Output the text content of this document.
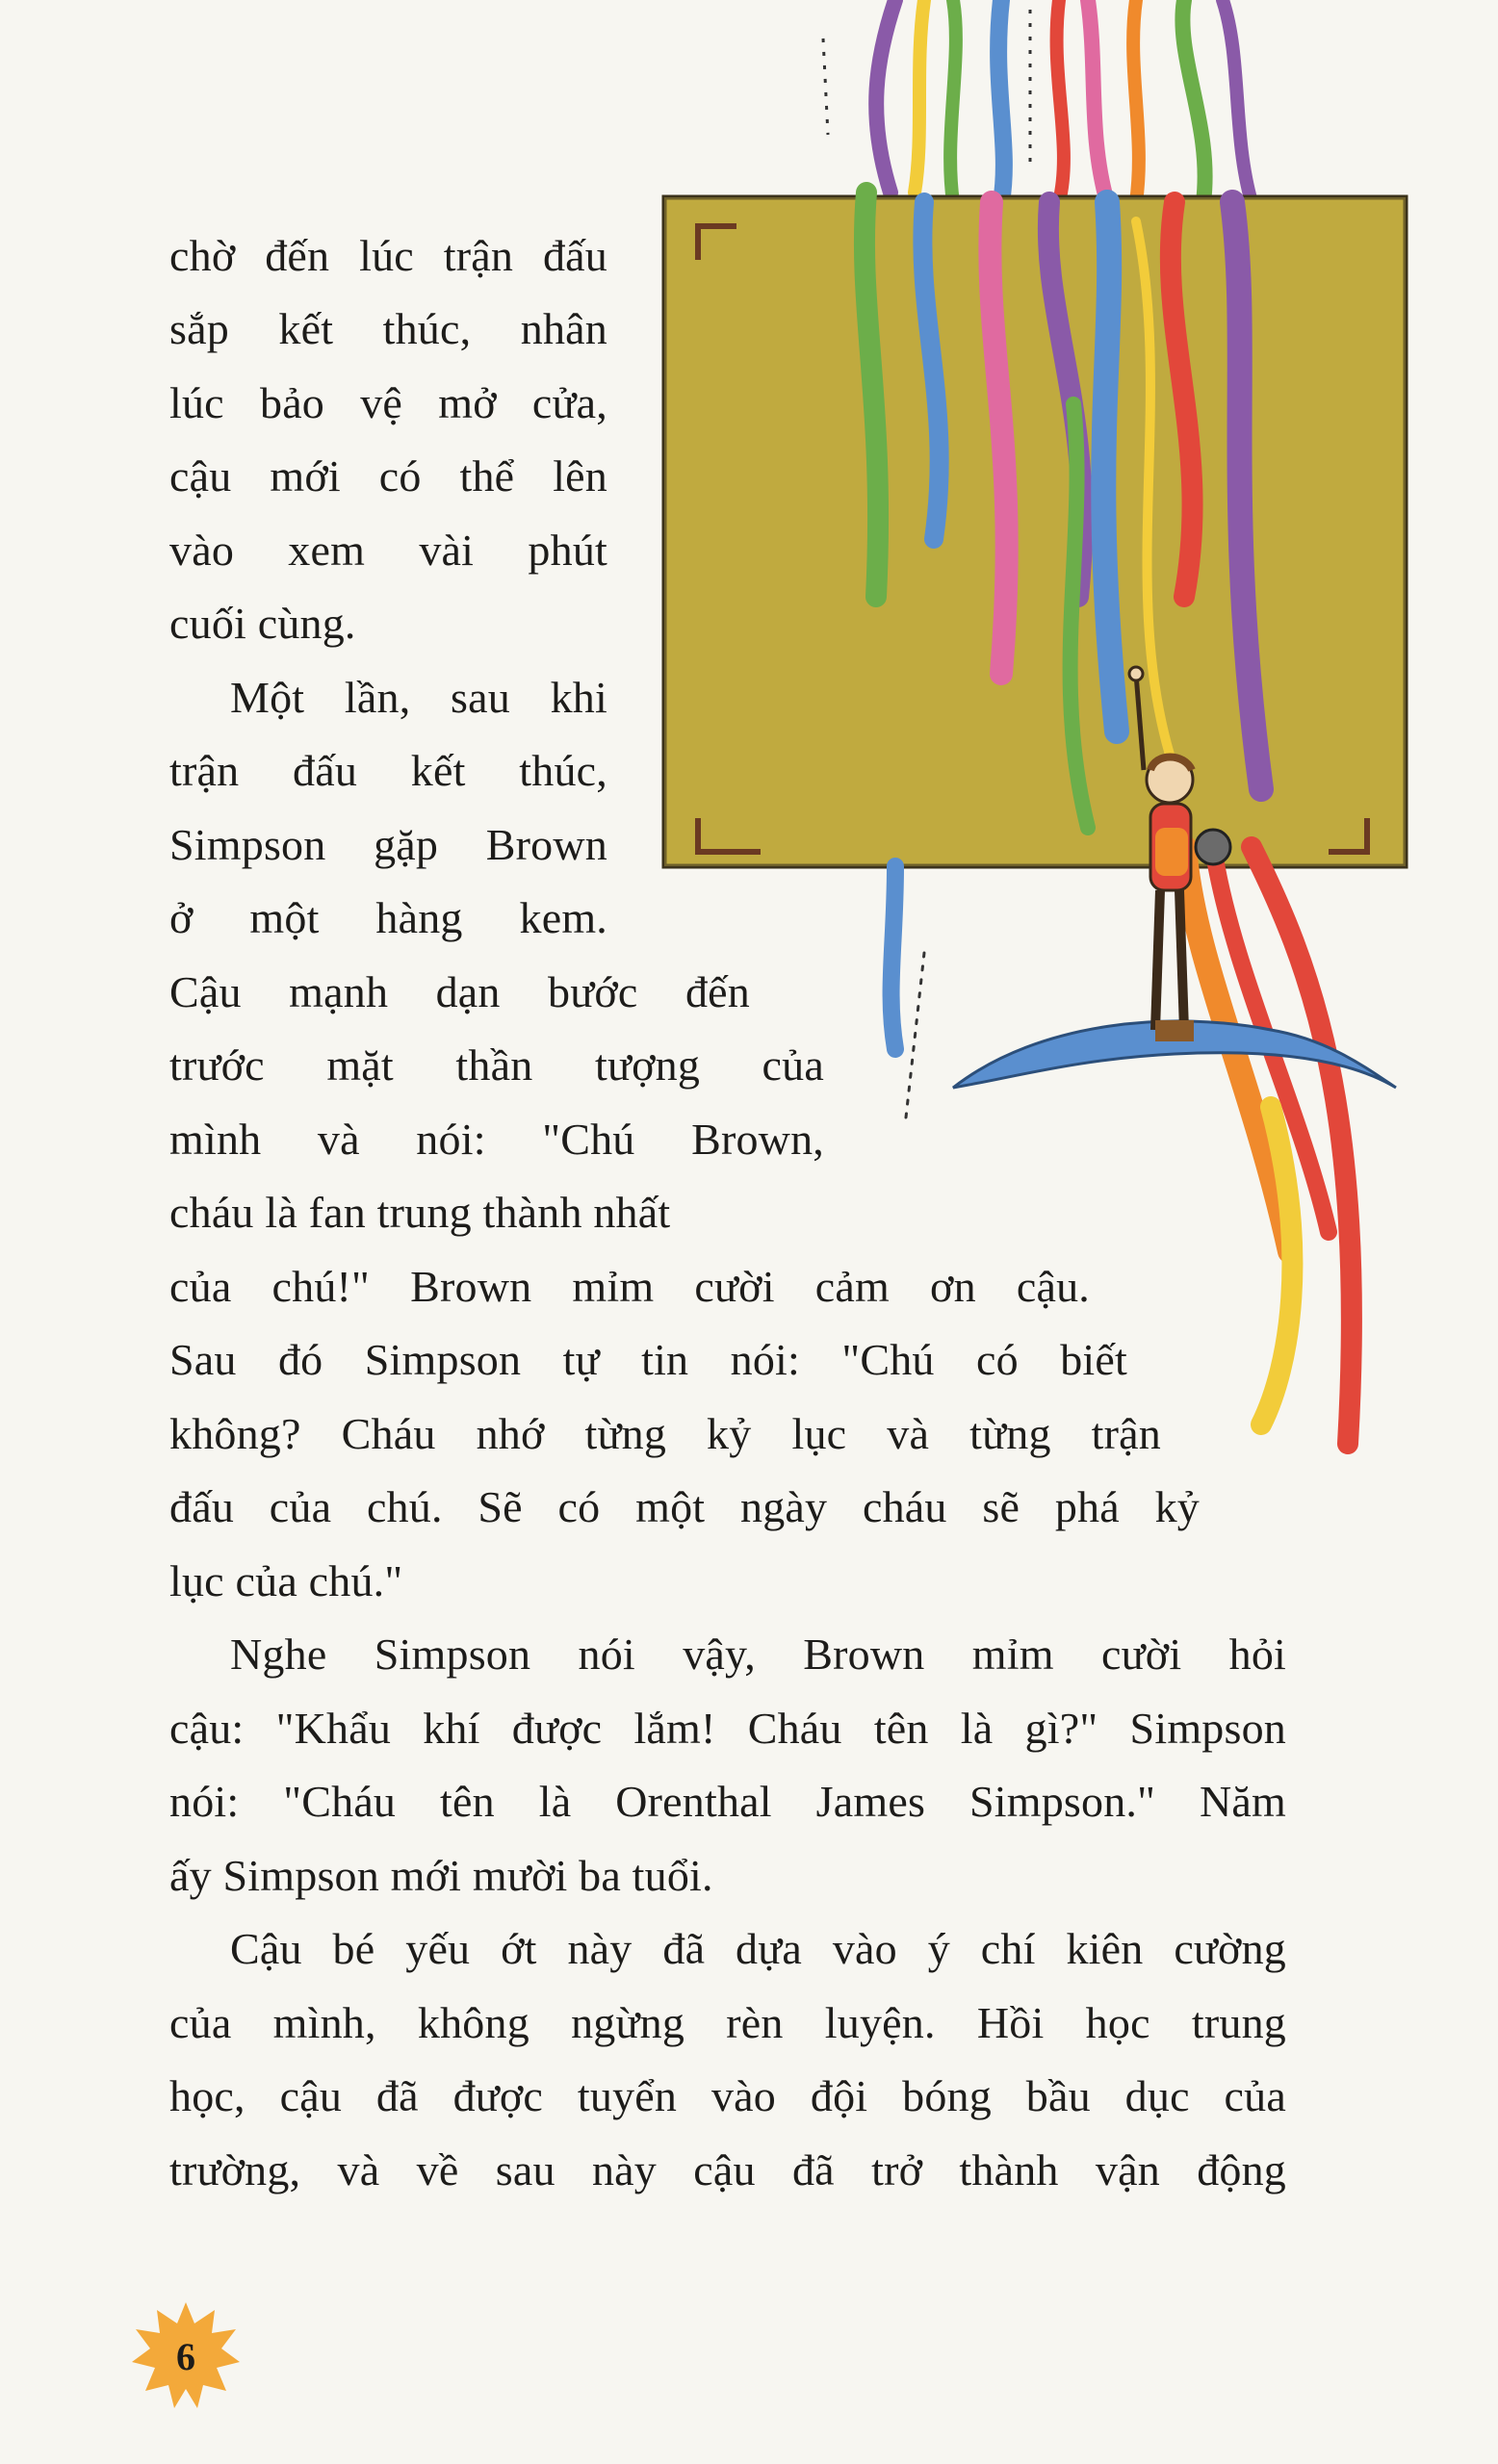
chờ đến lúc trận đấu
sắp kết thúc, nhân
lúc bảo vệ mở cửa,
cậu mới có thể lên
vào xem vài phút
cuối cùng.
Một lần, sau khi
trận đấu kết thúc,
Simpson gặp Brown
ở một hàng kem.
Cậu mạnh dạn bước đến
trước mặt thần tượng của
mình và nói: "Chú Brown,
cháu là fan trung thành nhất
của chú!" Brown mỉm cười cảm ơn cậu.
Sau đó Simpson tự tin nói: "Chú có biết
không? Cháu nhớ từng kỷ lục và từng trận
đấu của chú. Sẽ có một ngày cháu sẽ phá kỷ
lục của chú."
Nghe Simpson nói vậy, Brown mỉm cười hỏi
cậu: "Khẩu khí được lắm! Cháu tên là gì?" Simpson
nói: "Cháu tên là Orenthal James Simpson." Năm
ấy Simpson mới mười ba tuổi.
Cậu bé yếu ớt này đã dựa vào ý chí kiên cường
của mình, không ngừng rèn luyện. Hồi học trung
học, cậu đã được tuyển vào đội bóng bầu dục của
trường, và về sau này cậu đã trở thành vận động
6
